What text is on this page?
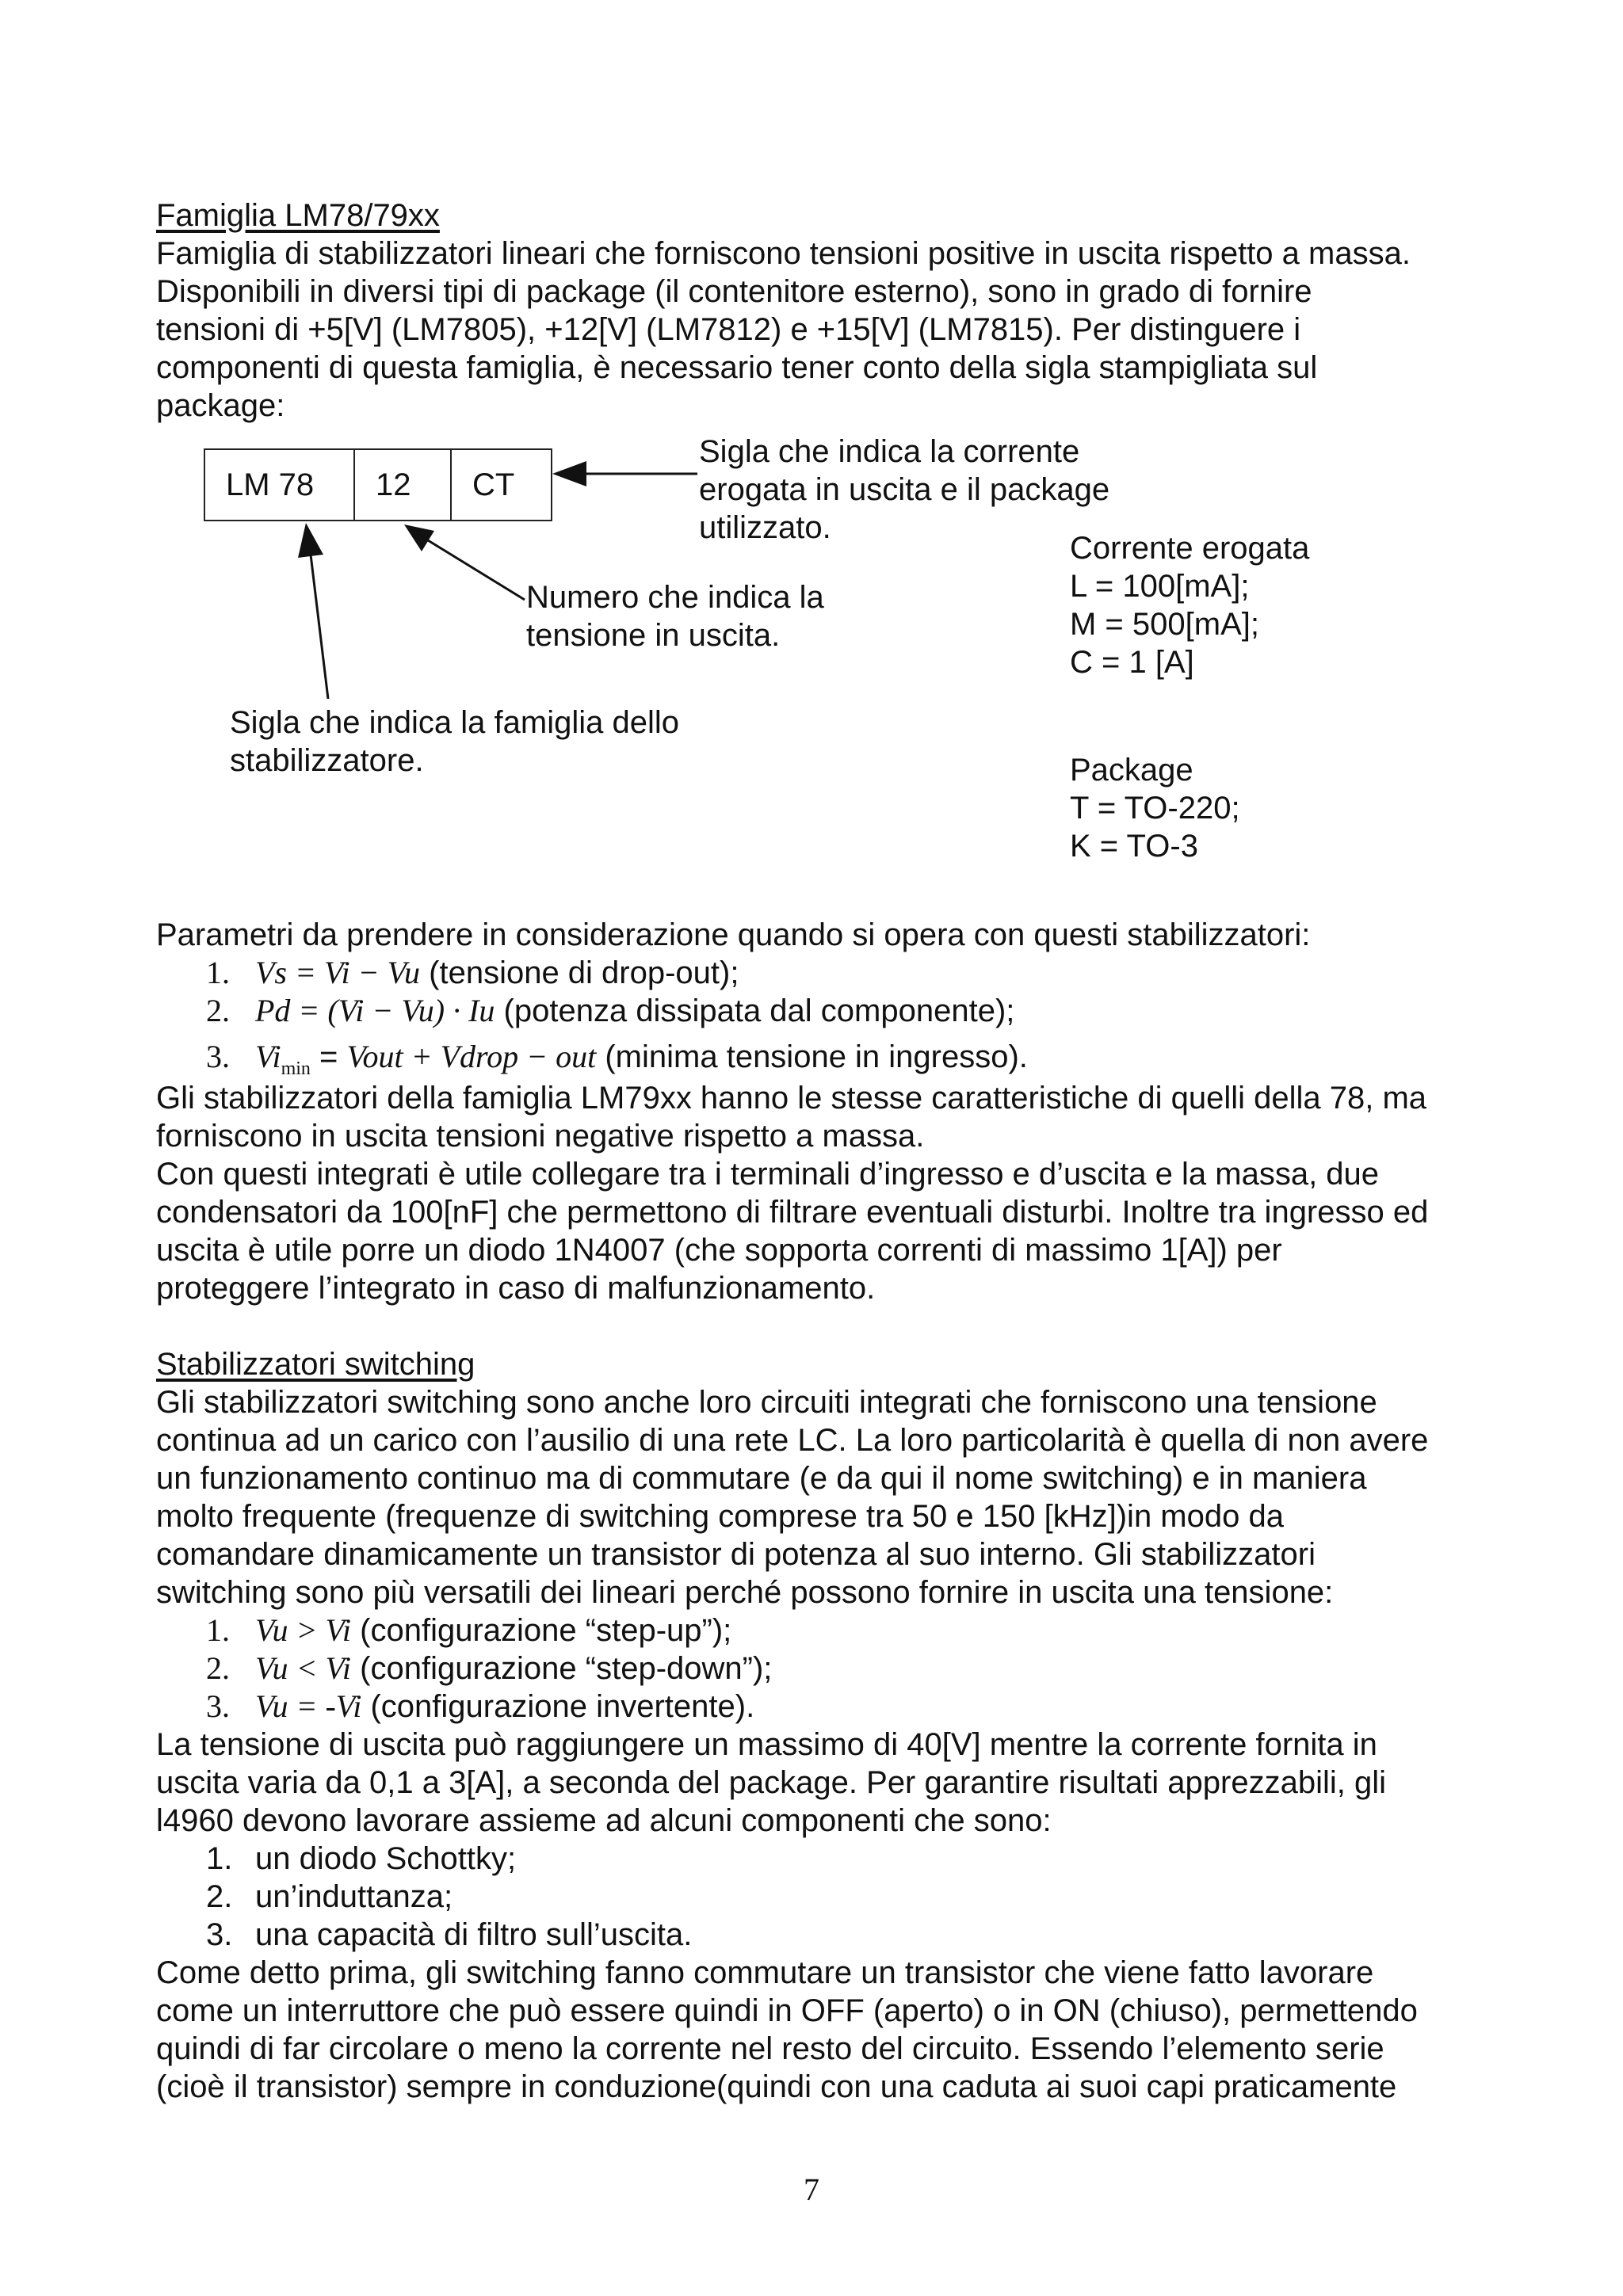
Famiglia LM78/79xx
Famiglia di stabilizzatori lineari che forniscono tensioni positive in uscita rispetto a massa.
Disponibili in diversi tipi di package (il contenitore esterno), sono in grado di fornire
tensioni di +5[V] (LM7805), +12[V] (LM7812) e +15[V] (LM7815). Per distinguere i
componenti di questa famiglia, è necessario tener conto della sigla stampigliata sul
package:
LM 78	12	CT
Sigla che indica la corrente
erogata in uscita e il package
utilizzato.
Numero che indica la
tensione in uscita.
Sigla che indica la famiglia dello
stabilizzatore.
Corrente erogata
L = 100[mA];
M = 500[mA];
C = 1 [A]
Package
T = TO-220;
K = TO-3
Parametri da prendere in considerazione quando si opera con questi stabilizzatori:
1. Vs = Vi − Vu (tensione di drop-out);
2. Pd = (Vi − Vu) · Iu (potenza dissipata dal componente);
3. $Vi_{min}$ = Vout + Vdrop − out (minima tensione in ingresso).
Gli stabilizzatori della famiglia LM79xx hanno le stesse caratteristiche di quelli della 78, ma
forniscono in uscita tensioni negative rispetto a massa.
Con questi integrati è utile collegare tra i terminali d’ingresso e d’uscita e la massa, due
condensatori da 100[nF] che permettono di filtrare eventuali disturbi. Inoltre tra ingresso ed
uscita è utile porre un diodo 1N4007 (che sopporta correnti di massimo 1[A]) per
proteggere l’integrato in caso di malfunzionamento.
Stabilizzatori switching
Gli stabilizzatori switching sono anche loro circuiti integrati che forniscono una tensione
continua ad un carico con l’ausilio di una rete LC. La loro particolarità è quella di non avere
un funzionamento continuo ma di commutare (e da qui il nome switching) e in maniera
molto frequente (frequenze di switching comprese tra 50 e 150 [kHz])in modo da
comandare dinamicamente un transistor di potenza al suo interno. Gli stabilizzatori
switching sono più versatili dei lineari perché possono fornire in uscita una tensione:
1. Vu > Vi (configurazione “step-up”);
2. Vu < Vi (configurazione “step-down”);
3. Vu = -Vi (configurazione invertente).
La tensione di uscita può raggiungere un massimo di 40[V] mentre la corrente fornita in
uscita varia da 0,1 a 3[A], a seconda del package. Per garantire risultati apprezzabili, gli
l4960 devono lavorare assieme ad alcuni componenti che sono:
1. un diodo Schottky;
2. un’induttanza;
3. una capacità di filtro sull’uscita.
Come detto prima, gli switching fanno commutare un transistor che viene fatto lavorare
come un interruttore che può essere quindi in OFF (aperto) o in ON (chiuso), permettendo
quindi di far circolare o meno la corrente nel resto del circuito. Essendo l’elemento serie
(cioè il transistor) sempre in conduzione(quindi con una caduta ai suoi capi praticamente
7
